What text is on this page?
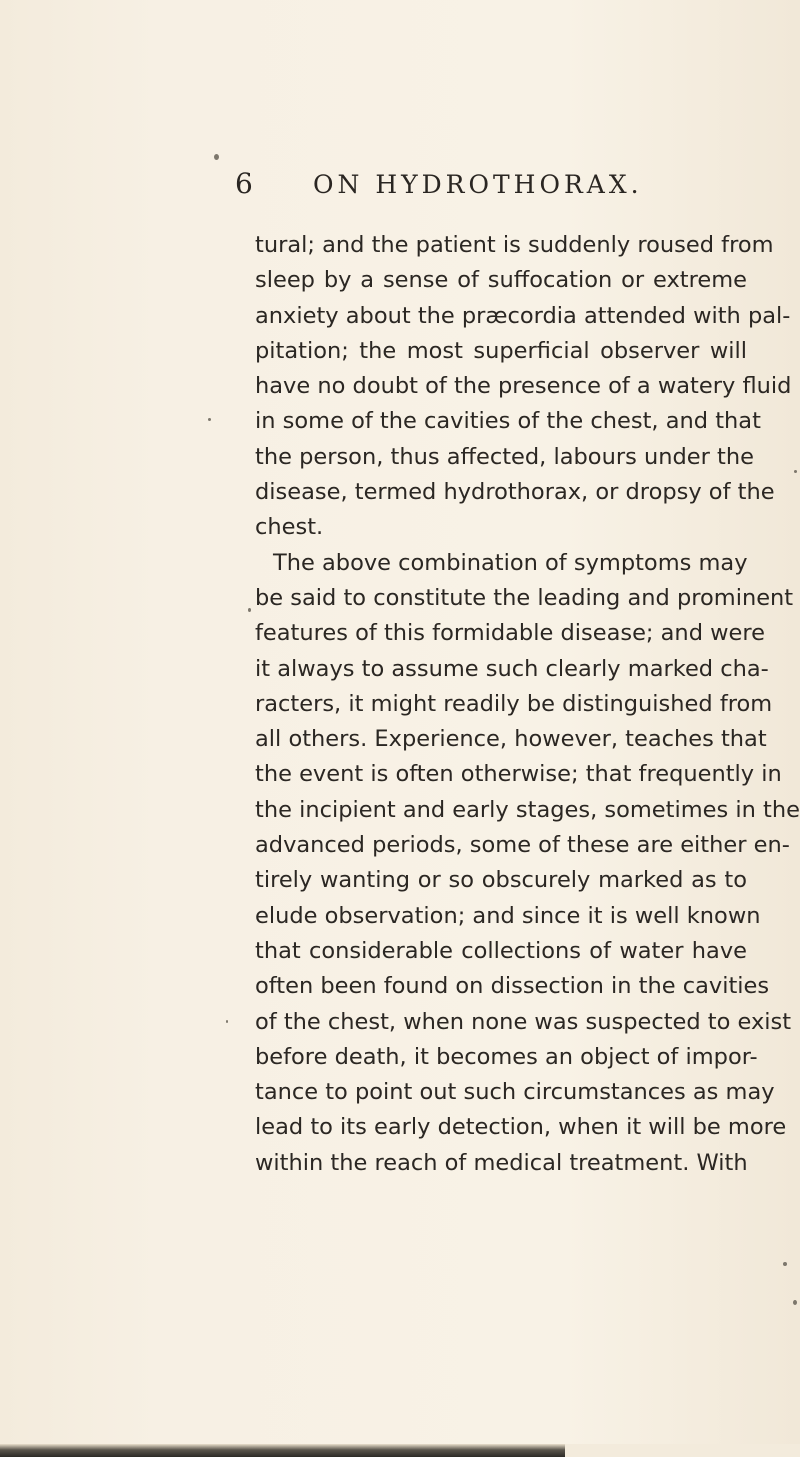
6 ON HYDROTHORAX.
tural; and the patient is suddenly roused from
sleep by a sense of suffocation or extreme
anxiety about the præcordia attended with pal-
pitation; the most superficial observer will
have no doubt of the presence of a watery fluid
in some of the cavities of the chest, and that
the person, thus affected, labours under the
disease, termed hydrothorax, or dropsy of the
chest.
The above combination of symptoms may
be said to constitute the leading and prominent
features of this formidable disease; and were
it always to assume such clearly marked cha-
racters, it might readily be distinguished from
all others. Experience, however, teaches that
the event is often otherwise; that frequently in
the incipient and early stages, sometimes in the
advanced periods, some of these are either en-
tirely wanting or so obscurely marked as to
elude observation; and since it is well known
that considerable collections of water have
often been found on dissection in the cavities
of the chest, when none was suspected to exist
before death, it becomes an object of impor-
tance to point out such circumstances as may
lead to its early detection, when it will be more
within the reach of medical treatment. With
